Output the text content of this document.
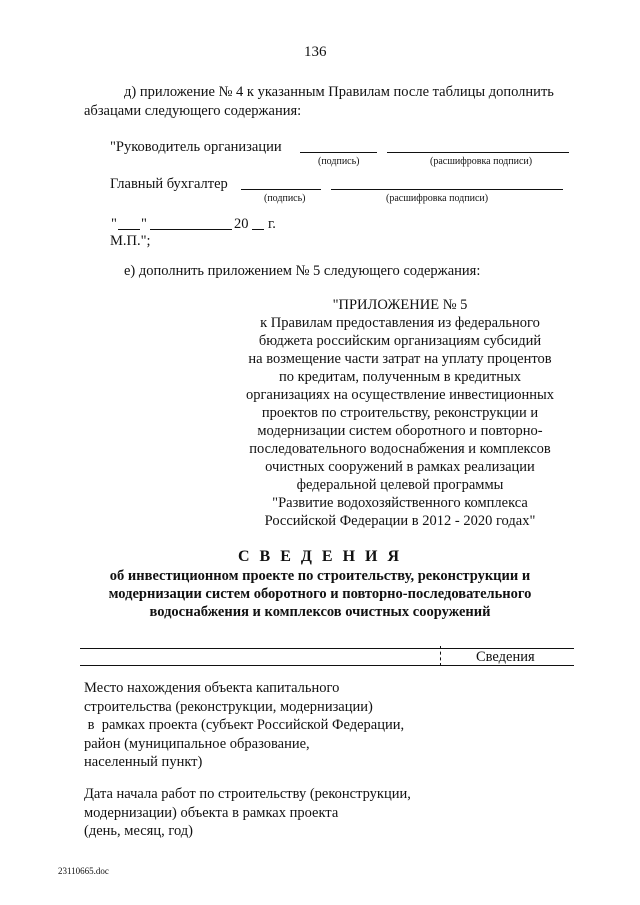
136
д) приложение № 4 к указанным Правилам после таблицы дополнить
абзацами следующего содержания:
"Руководитель организации
(подпись)	(расшифровка подписи)
Главный бухгалтер
(подпись)	(расшифровка подписи)
" "	20 г.
М.П.";
е) дополнить приложением № 5 следующего содержания:
"ПРИЛОЖЕНИЕ № 5
к Правилам предоставления из федерального
бюджета российским организациям субсидий
на возмещение части затрат на уплату процентов
по кредитам, полученным в кредитных
организациях на осуществление инвестиционных
проектов по строительству, реконструкции и
модернизации систем оборотного и повторно-
последовательного водоснабжения и комплексов
очистных сооружений в рамках реализации
федеральной целевой программы
"Развитие водохозяйственного комплекса
Российской Федерации в 2012 - 2020 годах"
С В Е Д Е Н И Я
об инвестиционном проекте по строительству, реконструкции и
модернизации систем оборотного и повторно-последовательного
водоснабжения и комплексов очистных сооружений
Сведения
Место нахождения объекта капитального
строительства (реконструкции, модернизации)
в  рамках проекта (субъект Российской Федерации,
район (муниципальное образование,
населенный пункт)
Дата начала работ по строительству (реконструкции,
модернизации) объекта в рамках проекта
(день, месяц, год)
23110665.doc
